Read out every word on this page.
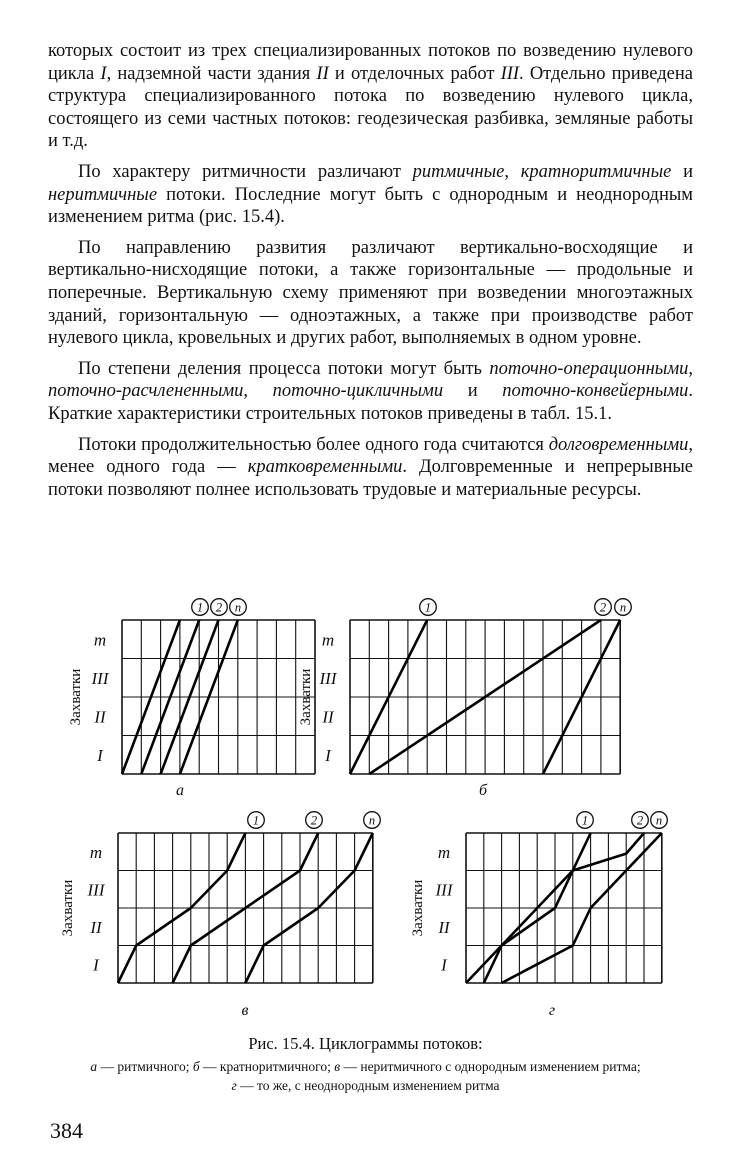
которых состоит из трех специализированных потоков по возведению нулевого цикла I, надземной части здания II и отделочных работ III. Отдельно приведена структура специализированного потока по возведению нулевого цикла, состоящего из семи частных потоков: геодезическая разбивка, земляные работы и т.д.

По характеру ритмичности различают ритмичные, кратноритмичные и неритмичные потоки. Последние могут быть с однородным и неоднородным изменением ритма (рис. 15.4).

По направлению развития различают вертикально-восходящие и вертикально-нисходящие потоки, а также горизонтальные — продольные и поперечные. Вертикальную схему применяют при возведении многоэтажных зданий, горизонтальную — одноэтажных, а также при производстве работ нулевого цикла, кровельных и других работ, выполняемых в одном уровне.

По степени деления процесса потоки могут быть поточно-операционными, поточно-расчлененными, поточно-цикличными и поточно-конвейерными. Краткие характеристики строительных потоков приведены в табл. 15.1.

Потоки продолжительностью более одного года считаются долговременными, менее одного года — кратковременными. Долговременные и непрерывные потоки позволяют полнее использовать трудовые и материальные ресурсы.

I
II
III
m
Захватки
1 2 n
а
I
II
III
m
Захватки
1	2 n
б
I
II
III
m
Захватки
1	2	n
в
I
II
III
m
Захватки
1	2 n
г
Рис. 15.4. Циклограммы потоков:
а — ритмичного; б — кратноритмичного; в — неритмичного с однородным изменением ритма; г — то же, с неоднородным изменением ритма
384
